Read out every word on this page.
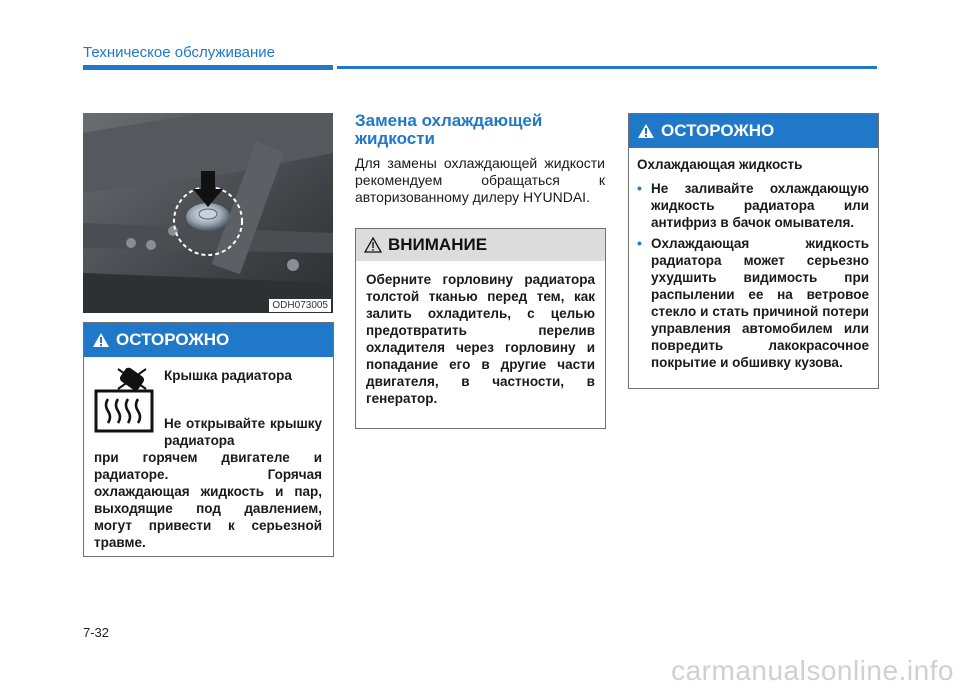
Техническое обслуживание
ODH073005
ОСТОРОЖНО
Крышка радиатора
Не открывайте крышку радиатора
при горячем двигателе и радиаторе. Горячая охлаждающая жидкость и пар, выходящие под давлением, могут привести к серьезной травме.
Замена охлаждающей жидкости
Для замены охлаждающей жидкости рекомендуем обращаться к авторизованному дилеру HYUNDAI.
ВНИМАНИЕ
Оберните горловину радиатора толстой тканью перед тем, как залить охладитель, с целью предотвратить перелив охладителя через горловину и попадание его в другие части двигателя, в частности, в генератор.
ОСТОРОЖНО
Охлаждающая жидкость
• Не заливайте охлаждающую жидкость радиатора или антифриз в бачок омывателя.
• Охлаждающая жидкость радиатора может серьезно ухудшить видимость при распылении ее на ветровое стекло и стать причиной потери управления автомобилем или повредить лакокрасочное покрытие и обшивку кузова.
7-32
carmanualsonline.info
